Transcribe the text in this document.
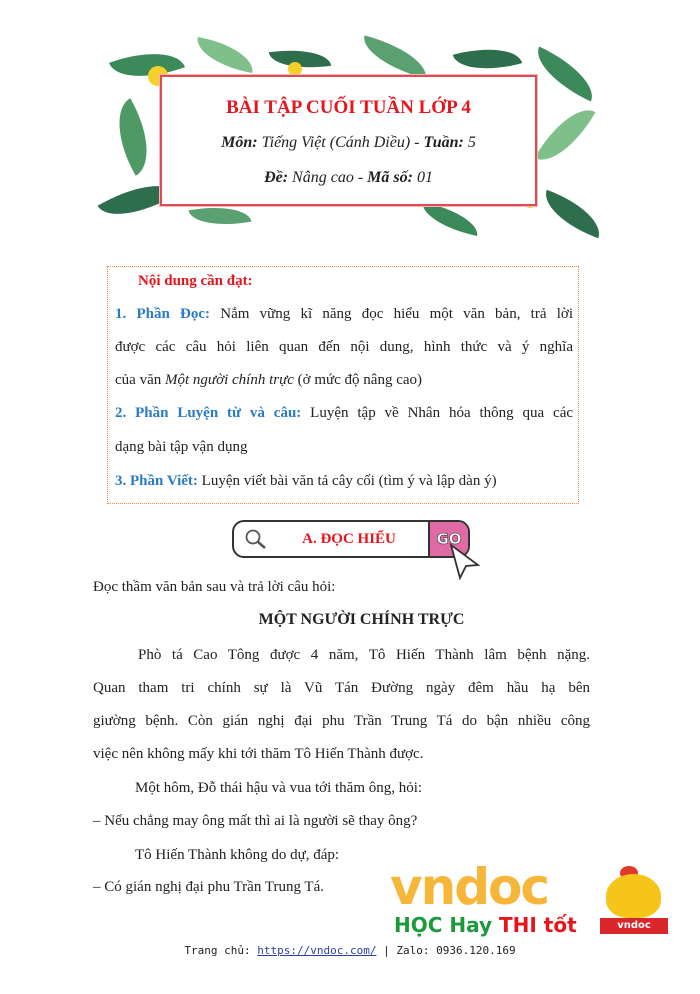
BÀI TẬP CUỐI TUẦN LỚP 4
Môn: Tiếng Việt (Cánh Diều) - Tuần: 5
Đề: Nâng cao - Mã số: 01
Nội dung cần đạt:
1. Phần Đọc: Nắm vững kĩ năng đọc hiểu một văn bản, trả lời
được các câu hỏi liên quan đến nội dung, hình thức và ý nghĩa
của văn Một người chính trực (ở mức độ nâng cao)
2. Phần Luyện từ và câu: Luyện tập về Nhân hóa thông qua các
dạng bài tập vận dụng
3. Phần Viết: Luyện viết bài văn tả cây cối (tìm ý và lập dàn ý)
A. ĐỌC HIỂU	GO
Đọc thầm văn bản sau và trả lời câu hỏi:
MỘT NGƯỜI CHÍNH TRỰC
Phò tá Cao Tông được 4 năm, Tô Hiến Thành lâm bệnh nặng.
Quan tham tri chính sự là Vũ Tán Đường ngày đêm hầu hạ bên
giường bệnh. Còn gián nghị đại phu Trần Trung Tá do bận nhiều công
việc nên không mấy khi tới thăm Tô Hiến Thành được.
Một hôm, Đỗ thái hậu và vua tới thăm ông, hỏi:
– Nếu chẳng may ông mất thì ai là người sẽ thay ông?
Tô Hiến Thành không do dự, đáp:
– Có gián nghị đại phu Trần Trung Tá.	vndoc
HỌC Hay THI tốt	vndoc
Trang chủ: https://vndoc.com/ | Zalo: 0936.120.169
